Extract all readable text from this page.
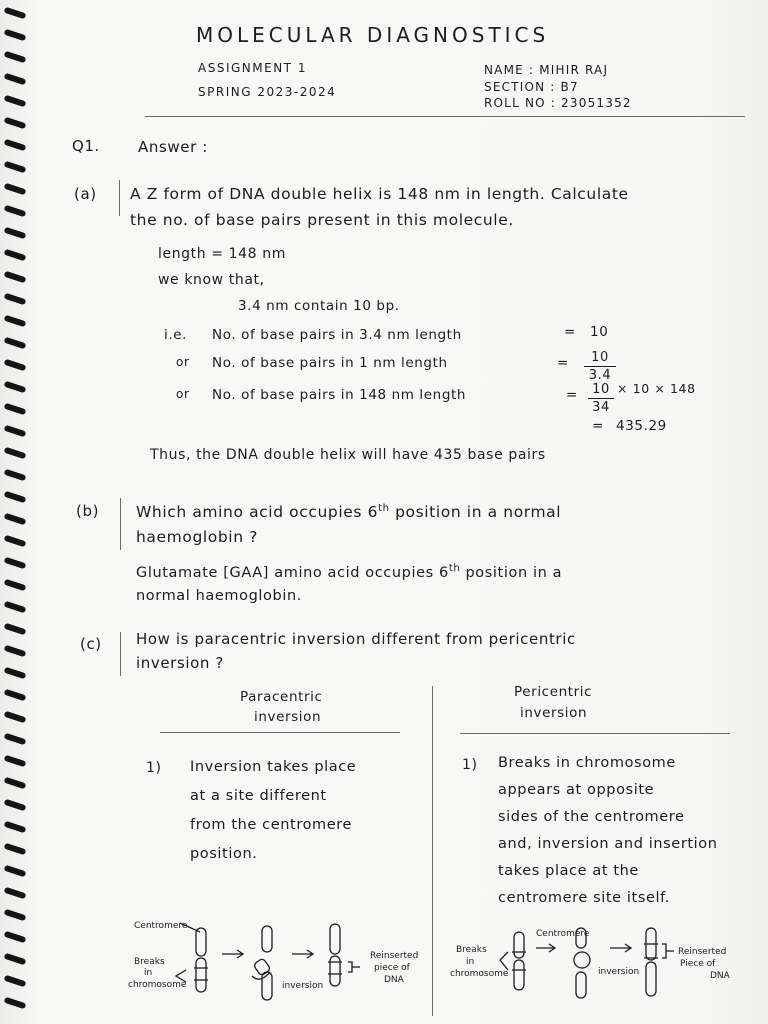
MOLECULAR DIAGNOSTICS
ASSIGNMENT 1
SPRING 2023-2024
NAME : MIHIR RAJ
SECTION : B7
ROLL NO : 23051352
Q1.	Answer :
(a) A Z form of DNA double helix is 148 nm in length. Calculate
the no. of base pairs present in this molecule.
length = 148 nm
we know that,
3.4 nm contain 10 bp.
i.e. No. of base pairs in 3.4 nm length	= 10
or No. of base pairs in 1 nm length	=	10
3.4
or No. of base pairs in 148 nm length	=	10
34
× 10 × 148
= 435.29
Thus, the DNA double helix will have 435 base pairs
(b) Which amino acid occupies 6th position in a normal
haemoglobin ?
Glutamate [GAA] amino acid occupies 6th position in a
normal haemoglobin.
(c) How is paracentric inversion different from pericentric
inversion ?
Paracentric
inversion
Pericentric
inversion
1) Inversion takes place
at a site different
from the centromere
position.
1) Breaks in chromosome
appears at opposite
sides of the centromere
and, inversion and insertion
takes place at the
centromere site itself.
Centromere
Breaks
in
chromosome	inversion
Reinserted
piece of
DNA
Centromere
Breaks
in
chromosome	inversion
Reinserted
Piece of
DNA
